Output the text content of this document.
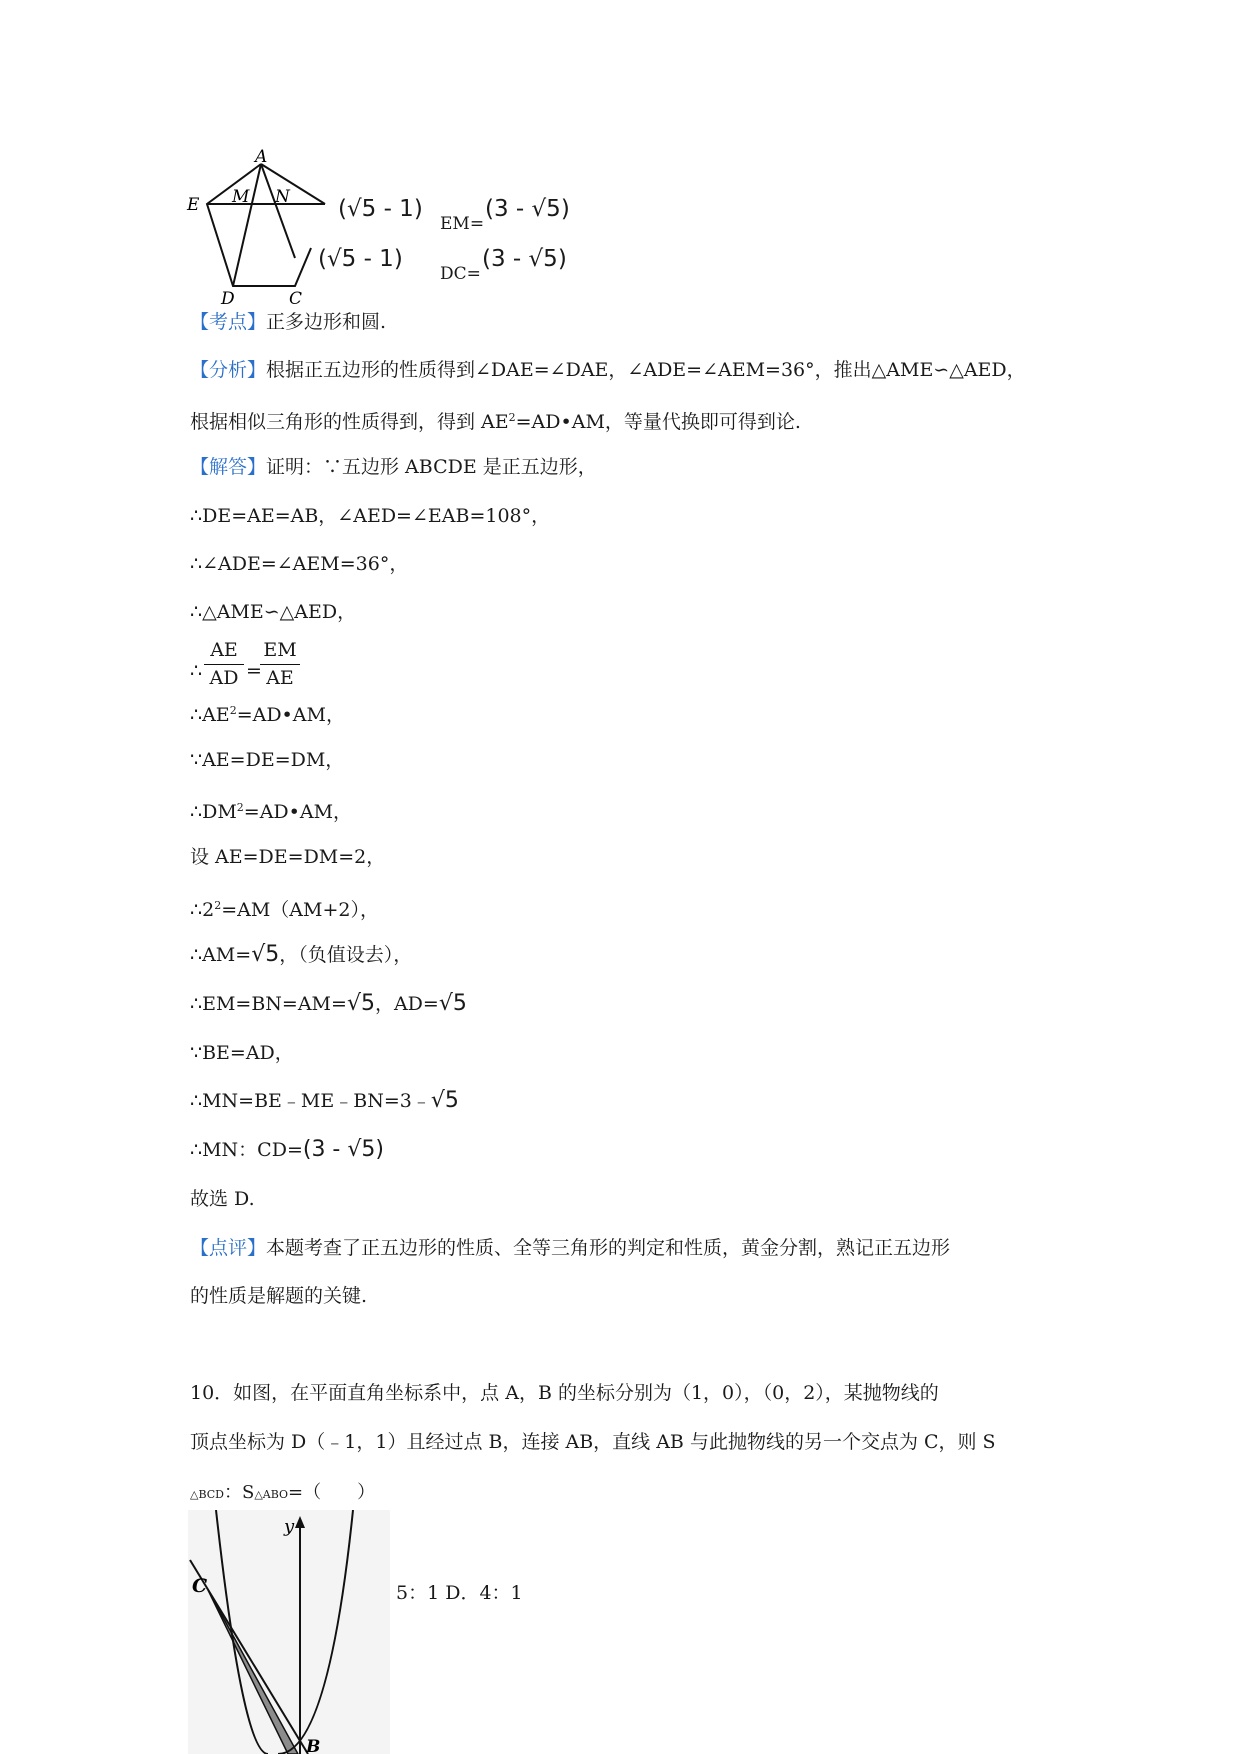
A
E M N
D	C
(√5 - 1)
EM=
(3 - √5)
(√5 - 1)
DC=
(3 - √5)
【考点】正多边形和圆.
【分析】根据正五边形的性质得到∠DAE=∠DAE，∠ADE=∠AEM=36°，推出△AME∽△AED，
根据相似三角形的性质得到，得到 $AE^2=AD•AM$，等量代换即可得到论.
【解答】证明：∵五边形 ABCDE 是正五边形，
∴DE=AE=AB，∠AED=∠EAB=108°，
∴∠ADE=∠AEM=36°，
∴△AME∽△AED，
∴ $\frac{AE}{AD}$ =
$\frac{EM}{AE}$
$\therefore AE^2=AD•AM$，
∵AE=DE=DM，
$\therefore DM^2=AD•AM$，
设 AE=DE=DM=2，
$\therefore 2^2=AM(AM+2)$，
∴AM=√5，（负值设去），
∴EM=BN=AM=√5，AD=√5
∵BE=AD，
∴MN=BE﹣ME﹣BN=3﹣√5
∴MN：CD=(3 - √5)
故选 D.
【点评】本题考查了正五边形的性质、全等三角形的判定和性质，黄金分割，熟记正五边形
的性质是解题的关键.
10．如图，在平面直角坐标系中，点 A，B 的坐标分别为（1，0），（0，2），某抛物线的
顶点坐标为 D（﹣1，1）且经过点 B，连接 AB，直线 AB 与此抛物线的另一个交点为 C，则 S
△BCD：S△ABO=（　　）
y
C
B
5：1 D．4：1
